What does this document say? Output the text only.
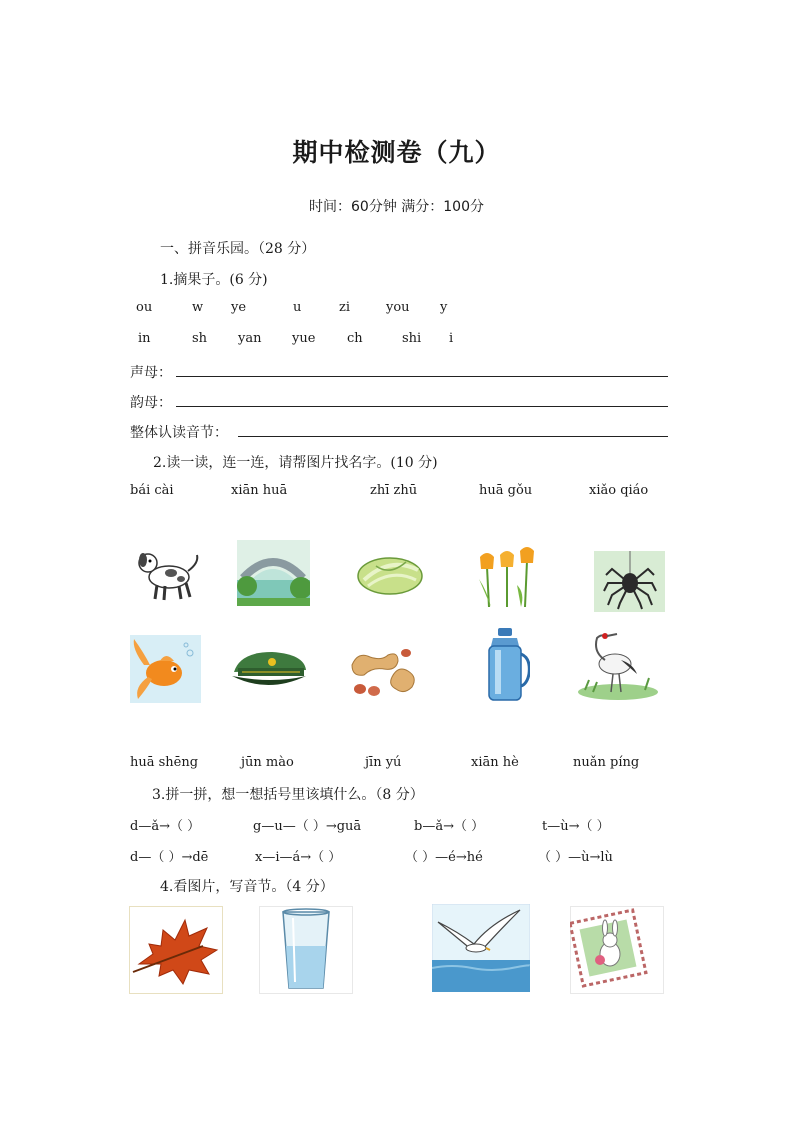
期中检测卷（九）
时间：60分钟 满分：100分
一、拼音乐园。（28 分）
1.摘果子。(6 分)
ou	w ye	u	zi	you y
in	sh yan yue ch	shi i
声母：
韵母：
整体认读音节：
2.读一读，连一连，请帮图片找名字。(10 分)
bái cài	xiān huā	zhī zhū	huā gǒu	xiǎo qiáo
huā shēng	jūn mào	jīn yú	xiān hè	nuǎn píng
3.拼一拼，想一想括号里该填什么。（8 分）
d—ǎ→（ ）	g—u—（ ）→guā	b—ǎ→（ ）	t—ù→（ ）
d—（ ）→dē	x—i—á→（ ）	（ ）—é→hé	（ ）—ù→lù
4.看图片，写音节。（4 分）
